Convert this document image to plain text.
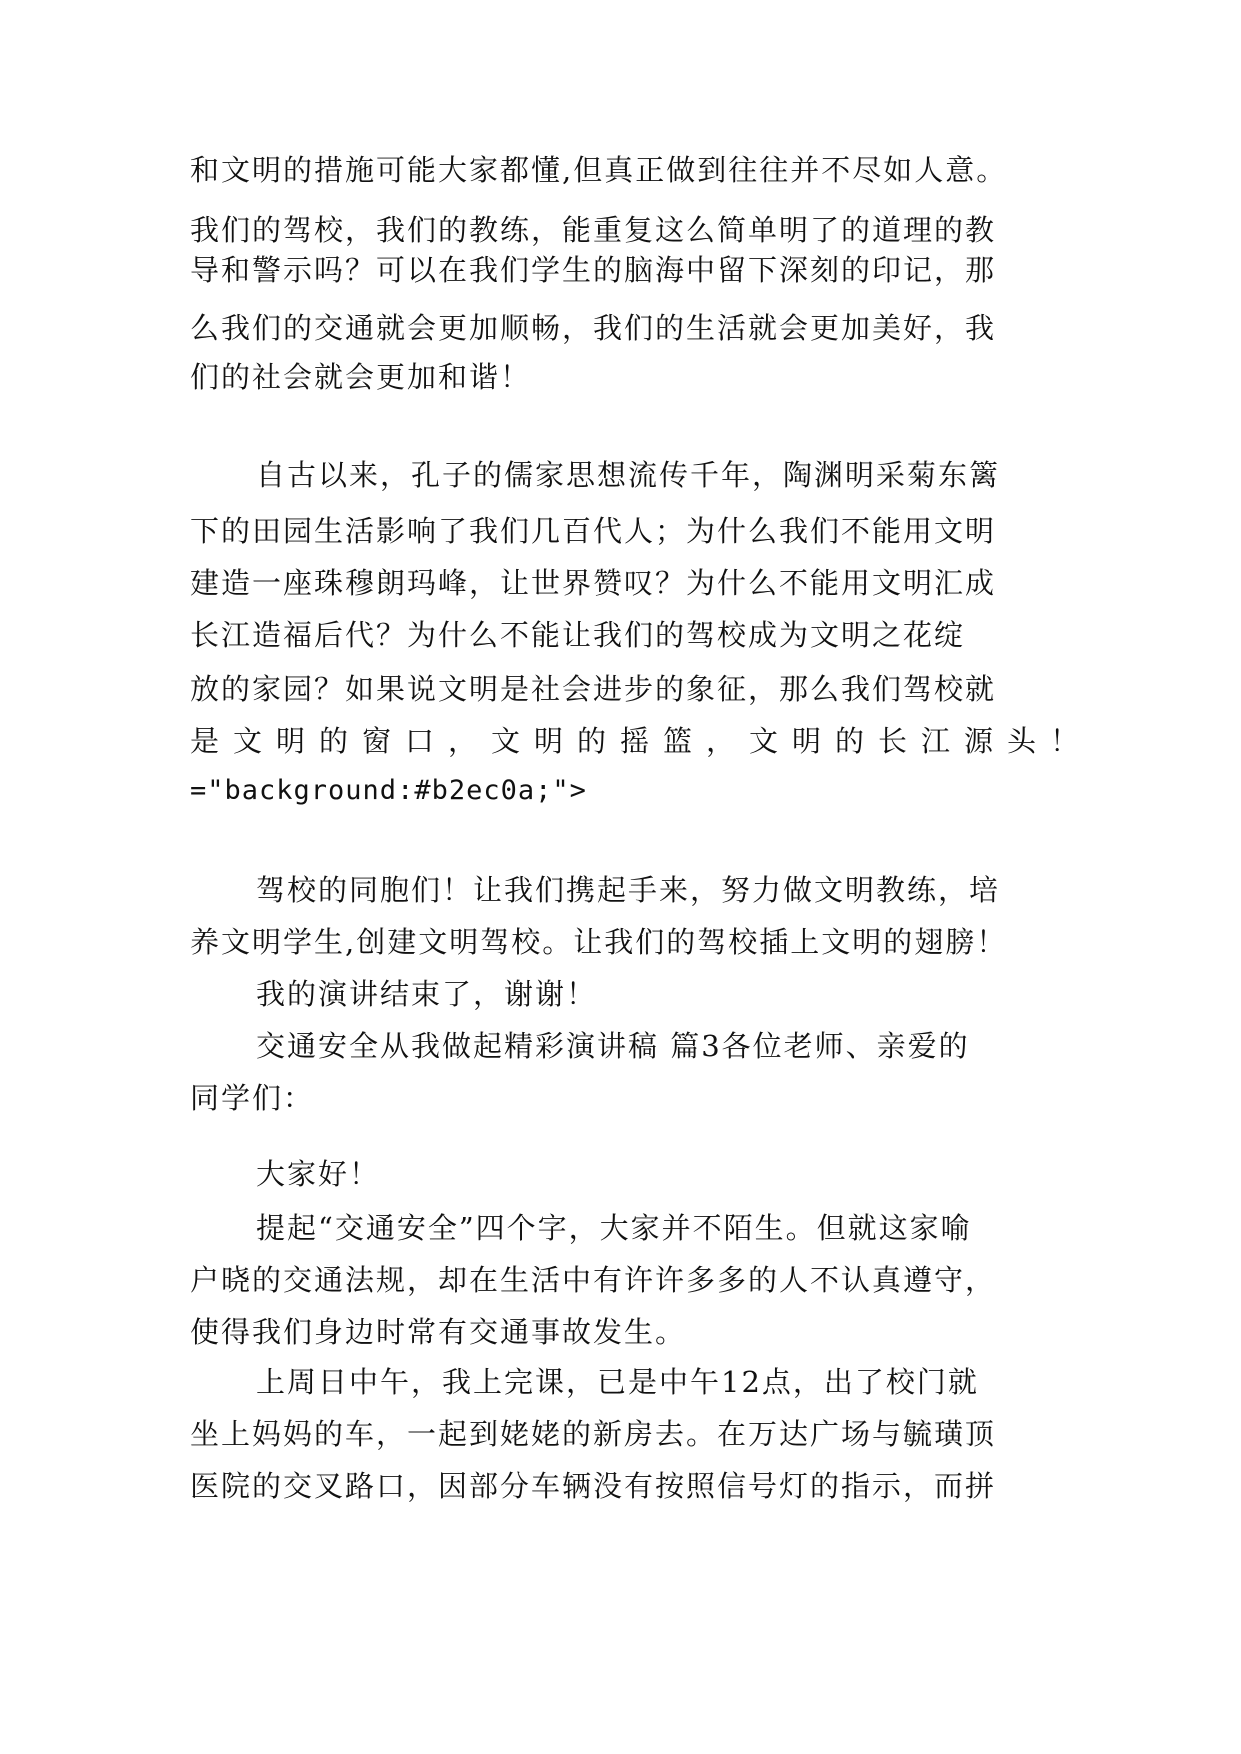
和文明的措施可能大家都懂,但真正做到往往并不尽如人意。
我们的驾校，我们的教练，能重复这么简单明了的道理的教
导和警示吗？可以在我们学生的脑海中留下深刻的印记，那
么我们的交通就会更加顺畅，我们的生活就会更加美好，我
们的社会就会更加和谐！
自古以来，孔子的儒家思想流传千年，陶渊明采菊东篱
下的田园生活影响了我们几百代人；为什么我们不能用文明
建造一座珠穆朗玛峰，让世界赞叹？为什么不能用文明汇成
长江造福后代？为什么不能让我们的驾校成为文明之花绽
放的家园？如果说文明是社会进步的象征，那么我们驾校就
是文明的窗口，文明的摇篮，文明的长江源头！
="background:#b2ec0a;">
驾校的同胞们！让我们携起手来，努力做文明教练，培
养文明学生,创建文明驾校。让我们的驾校插上文明的翅膀！
我的演讲结束了，谢谢！
交通安全从我做起精彩演讲稿 篇3各位老师、亲爱的
同学们：
大家好！
提起“交通安全”四个字，大家并不陌生。但就这家喻
户晓的交通法规，却在生活中有许许多多的人不认真遵守，
使得我们身边时常有交通事故发生。
上周日中午，我上完课，已是中午12点，出了校门就
坐上妈妈的车，一起到姥姥的新房去。在万达广场与毓璜顶
医院的交叉路口，因部分车辆没有按照信号灯的指示，而拼
